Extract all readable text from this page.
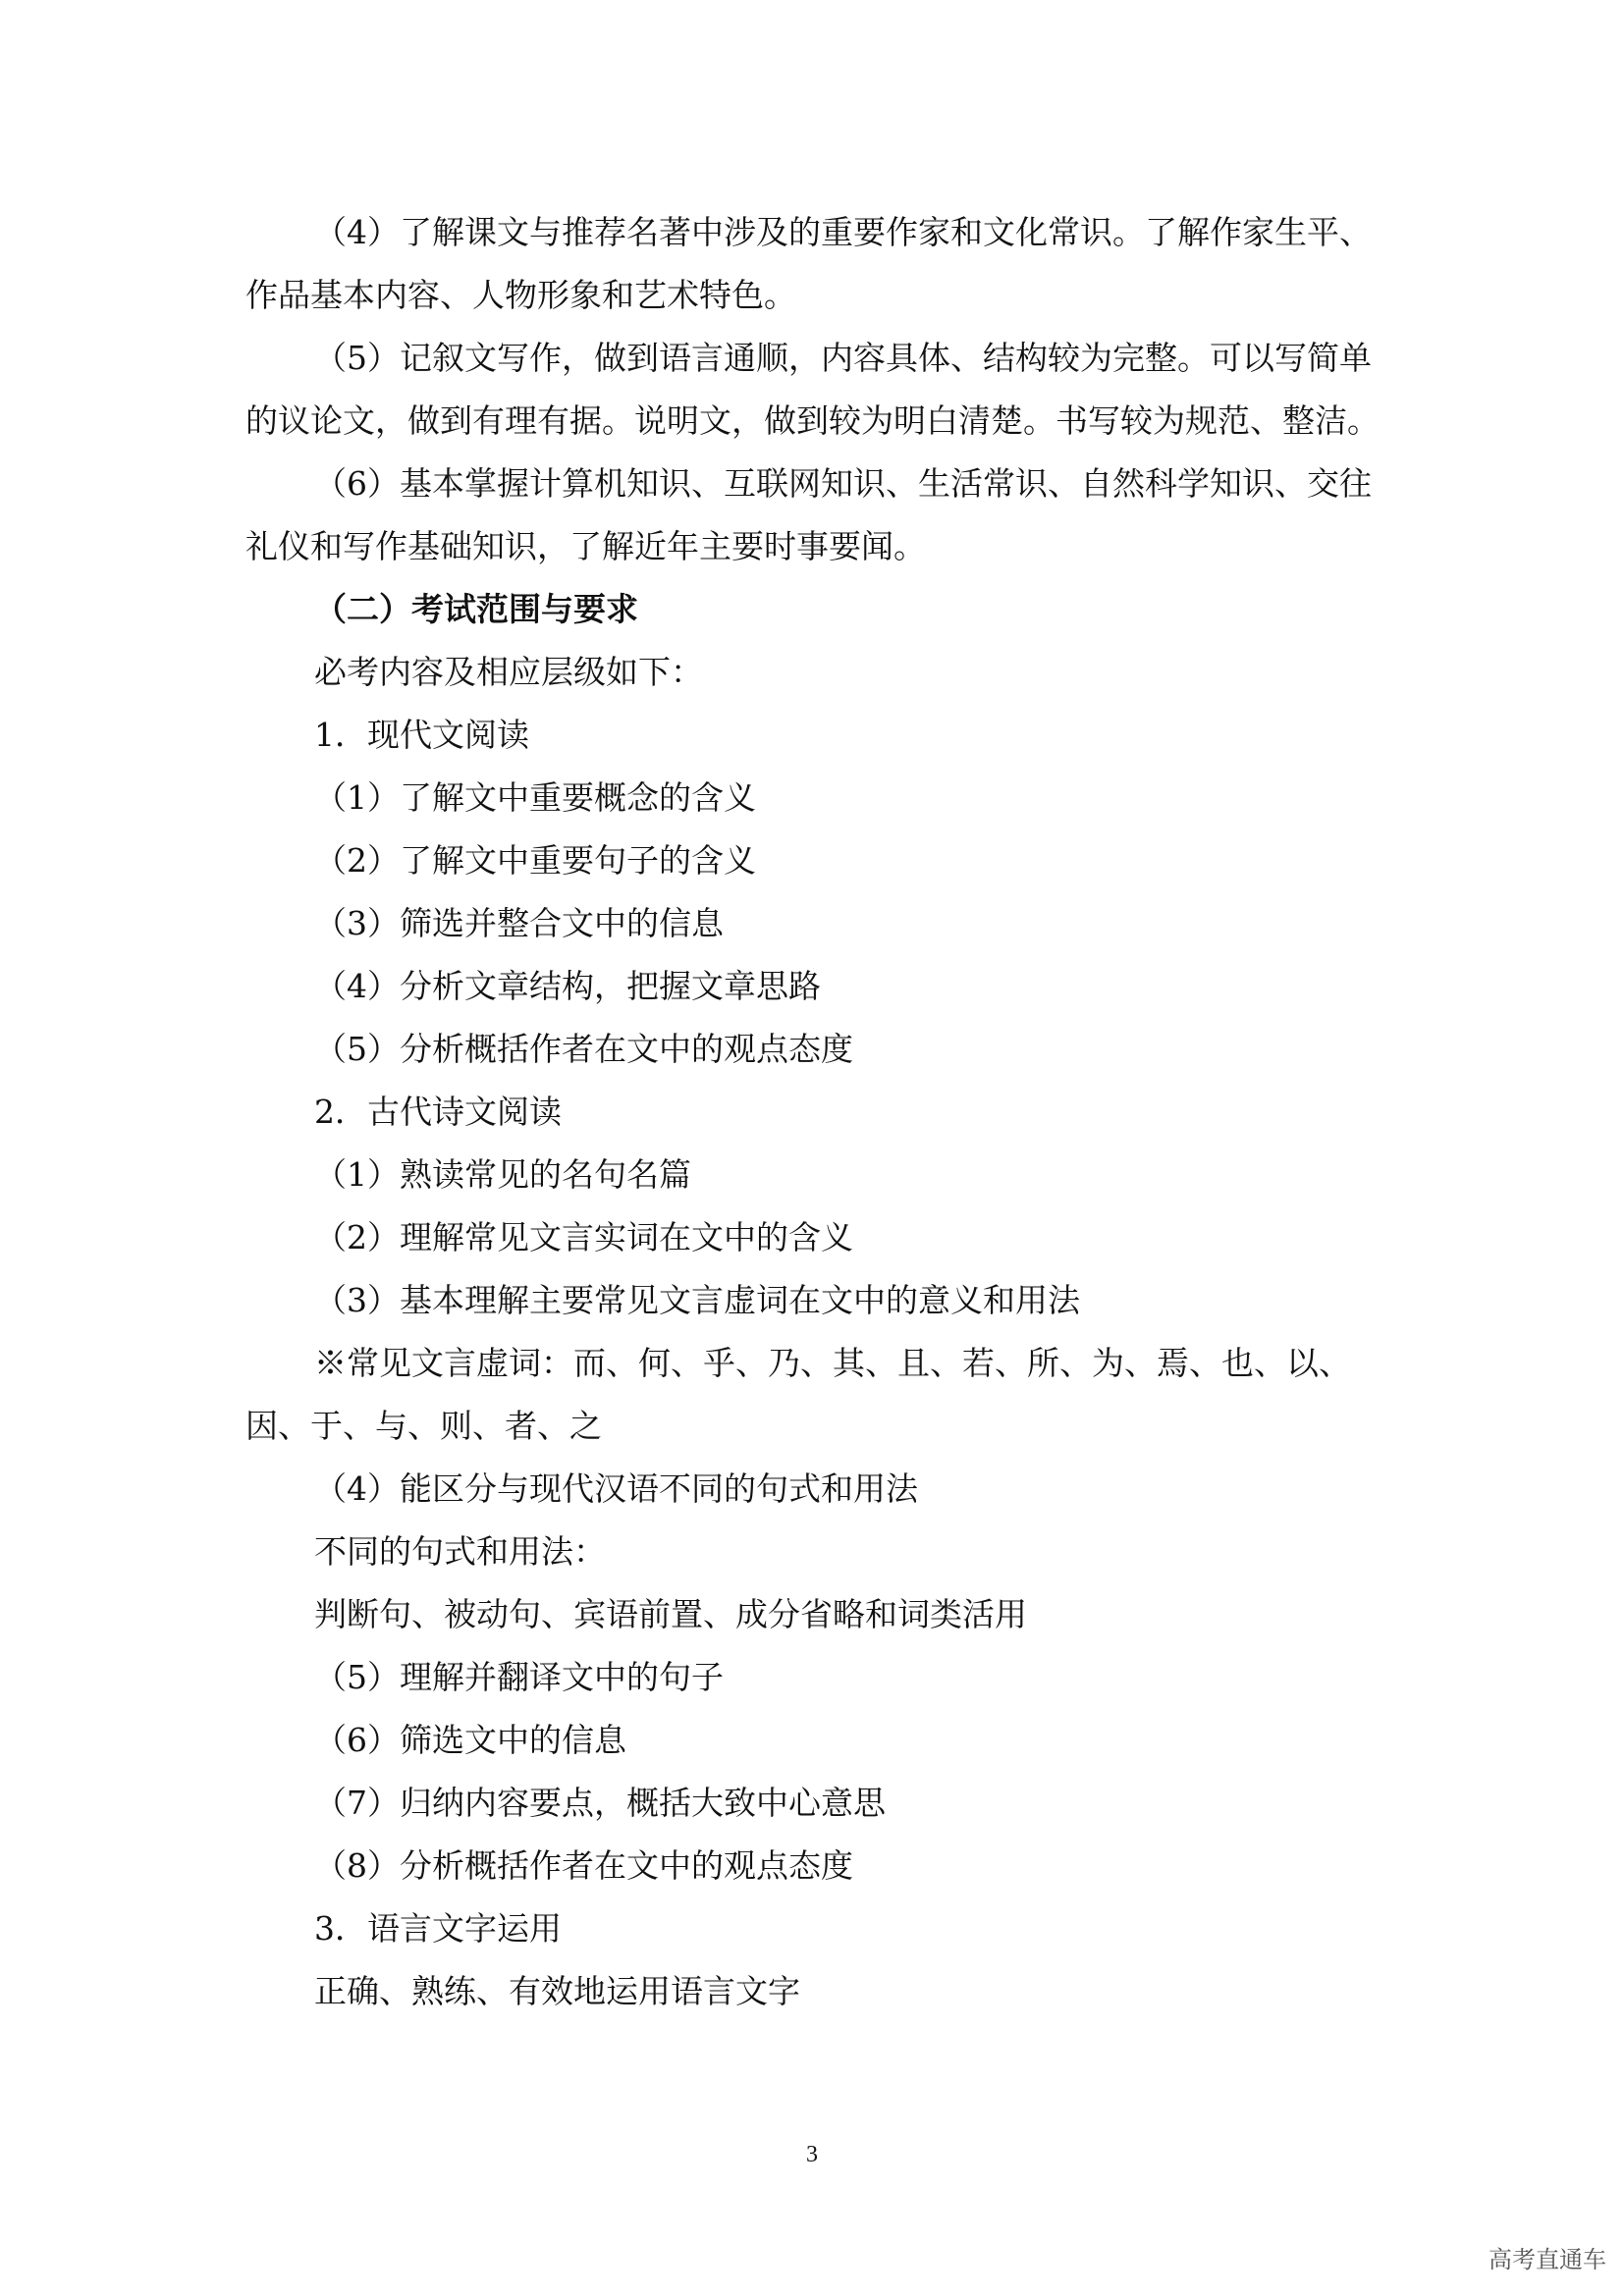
（4）了解课文与推荐名著中涉及的重要作家和文化常识。了解作家生平、作品基本内容、人物形象和艺术特色。

（5）记叙文写作，做到语言通顺，内容具体、结构较为完整。可以写简单的议论文，做到有理有据。说明文，做到较为明白清楚。书写较为规范、整洁。

（6）基本掌握计算机知识、互联网知识、生活常识、自然科学知识、交往礼仪和写作基础知识，了解近年主要时事要闻。

（二）考试范围与要求

必考内容及相应层级如下：

1．现代文阅读

（1）了解文中重要概念的含义

（2）了解文中重要句子的含义

（3）筛选并整合文中的信息

（4）分析文章结构，把握文章思路

（5）分析概括作者在文中的观点态度

2．古代诗文阅读

（1）熟读常见的名句名篇

（2）理解常见文言实词在文中的含义

（3）基本理解主要常见文言虚词在文中的意义和用法

※常见文言虚词：而、何、乎、乃、其、且、若、所、为、焉、也、以、因、于、与、则、者、之

（4）能区分与现代汉语不同的句式和用法

不同的句式和用法：

判断句、被动句、宾语前置、成分省略和词类活用

（5）理解并翻译文中的句子

（6）筛选文中的信息

（7）归纳内容要点，概括大致中心意思

（8）分析概括作者在文中的观点态度

3．语言文字运用

正确、熟练、有效地运用语言文字

3
高考直通车
